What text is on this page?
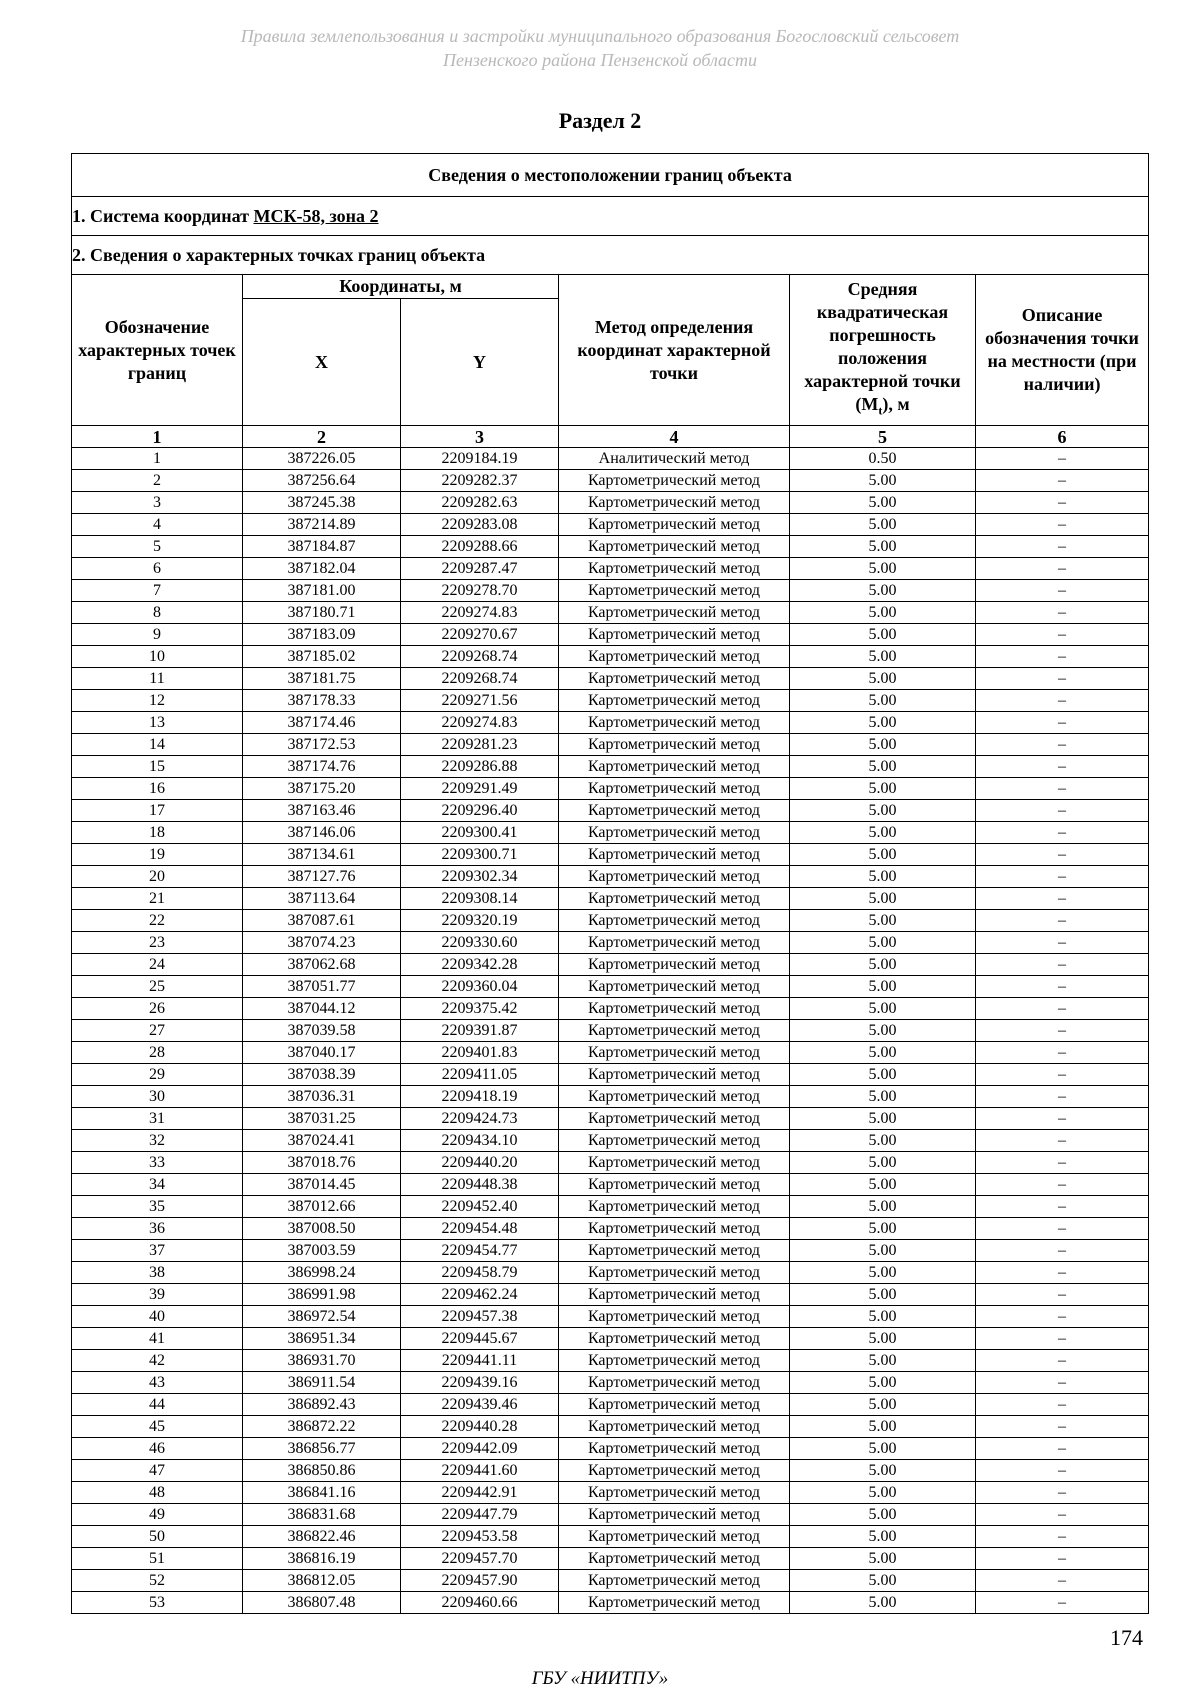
Правила землепользования и застройки муниципального образования Богословский сельсовет
Пензенского района Пензенской области
Раздел 2
Сведения о местоположении границ объекта					
1. Система координат МСК-58, зона 2					
2. Сведения о характерных точках границ объекта					
Обозначение характерных точек границ	Координаты, м		Метод определения координат характерной точки	Средняя квадратическая погрешность положения характерной точки $(M_t)$, м	Описание обозначения точки на местности (при наличии)
	X	Y			
1	2	3	4	5	6
1	387226.05	2209184.19	Аналитический метод	0.50	–
2	387256.64	2209282.37	Картометрический метод	5.00	–
3	387245.38	2209282.63	Картометрический метод	5.00	–
4	387214.89	2209283.08	Картометрический метод	5.00	–
5	387184.87	2209288.66	Картометрический метод	5.00	–
6	387182.04	2209287.47	Картометрический метод	5.00	–
7	387181.00	2209278.70	Картометрический метод	5.00	–
8	387180.71	2209274.83	Картометрический метод	5.00	–
9	387183.09	2209270.67	Картометрический метод	5.00	–
10	387185.02	2209268.74	Картометрический метод	5.00	–
11	387181.75	2209268.74	Картометрический метод	5.00	–
12	387178.33	2209271.56	Картометрический метод	5.00	–
13	387174.46	2209274.83	Картометрический метод	5.00	–
14	387172.53	2209281.23	Картометрический метод	5.00	–
15	387174.76	2209286.88	Картометрический метод	5.00	–
16	387175.20	2209291.49	Картометрический метод	5.00	–
17	387163.46	2209296.40	Картометрический метод	5.00	–
18	387146.06	2209300.41	Картометрический метод	5.00	–
19	387134.61	2209300.71	Картометрический метод	5.00	–
20	387127.76	2209302.34	Картометрический метод	5.00	–
21	387113.64	2209308.14	Картометрический метод	5.00	–
22	387087.61	2209320.19	Картометрический метод	5.00	–
23	387074.23	2209330.60	Картометрический метод	5.00	–
24	387062.68	2209342.28	Картометрический метод	5.00	–
25	387051.77	2209360.04	Картометрический метод	5.00	–
26	387044.12	2209375.42	Картометрический метод	5.00	–
27	387039.58	2209391.87	Картометрический метод	5.00	–
28	387040.17	2209401.83	Картометрический метод	5.00	–
29	387038.39	2209411.05	Картометрический метод	5.00	–
30	387036.31	2209418.19	Картометрический метод	5.00	–
31	387031.25	2209424.73	Картометрический метод	5.00	–
32	387024.41	2209434.10	Картометрический метод	5.00	–
33	387018.76	2209440.20	Картометрический метод	5.00	–
34	387014.45	2209448.38	Картометрический метод	5.00	–
35	387012.66	2209452.40	Картометрический метод	5.00	–
36	387008.50	2209454.48	Картометрический метод	5.00	–
37	387003.59	2209454.77	Картометрический метод	5.00	–
38	386998.24	2209458.79	Картометрический метод	5.00	–
39	386991.98	2209462.24	Картометрический метод	5.00	–
40	386972.54	2209457.38	Картометрический метод	5.00	–
41	386951.34	2209445.67	Картометрический метод	5.00	–
42	386931.70	2209441.11	Картометрический метод	5.00	–
43	386911.54	2209439.16	Картометрический метод	5.00	–
44	386892.43	2209439.46	Картометрический метод	5.00	–
45	386872.22	2209440.28	Картометрический метод	5.00	–
46	386856.77	2209442.09	Картометрический метод	5.00	–
47	386850.86	2209441.60	Картометрический метод	5.00	–
48	386841.16	2209442.91	Картометрический метод	5.00	–
49	386831.68	2209447.79	Картометрический метод	5.00	–
50	386822.46	2209453.58	Картометрический метод	5.00	–
51	386816.19	2209457.70	Картометрический метод	5.00	–
52	386812.05	2209457.90	Картометрический метод	5.00	–
53	386807.48	2209460.66	Картометрический метод	5.00	–
174
ГБУ «НИИТПУ»
